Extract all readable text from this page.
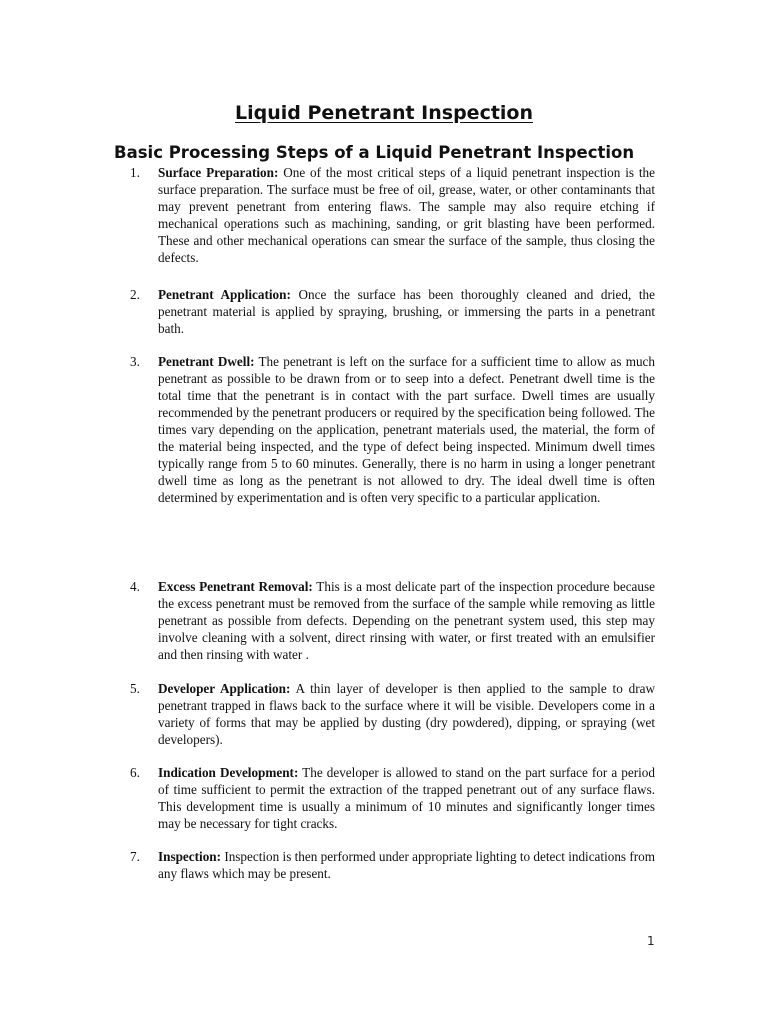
Liquid Penetrant Inspection
Basic Processing Steps of a Liquid Penetrant Inspection
1.	Surface Preparation: One of the most critical steps of a liquid penetrant inspection is the surface preparation. The surface must be free of oil, grease, water, or other contaminants that may prevent penetrant from entering flaws. The sample may also require etching if mechanical operations such as machining, sanding, or grit blasting have been performed. These and other mechanical operations can smear the surface of the sample, thus closing the defects.
2.	Penetrant Application: Once the surface has been thoroughly cleaned and dried, the penetrant material is applied by spraying, brushing, or immersing the parts in a penetrant bath.
3.	Penetrant Dwell: The penetrant is left on the surface for a sufficient time to allow as much penetrant as possible to be drawn from or to seep into a defect. Penetrant dwell time is the total time that the penetrant is in contact with the part surface. Dwell times are usually recommended by the penetrant producers or required by the specification being followed. The times vary depending on the application, penetrant materials used, the material, the form of the material being inspected, and the type of defect being inspected. Minimum dwell times typically range from 5 to 60 minutes. Generally, there is no harm in using a longer penetrant dwell time as long as the penetrant is not allowed to dry. The ideal dwell time is often determined by experimentation and is often very specific to a particular application.
4.	Excess Penetrant Removal: This is a most delicate part of the inspection procedure because the excess penetrant must be removed from the surface of the sample while removing as little penetrant as possible from defects. Depending on the penetrant system used, this step may involve cleaning with a solvent, direct rinsing with water, or first treated with an emulsifier and then rinsing with water .
5.	Developer Application: A thin layer of developer is then applied to the sample to draw penetrant trapped in flaws back to the surface where it will be visible. Developers come in a variety of forms that may be applied by dusting (dry powdered), dipping, or spraying (wet developers).
6.	Indication Development: The developer is allowed to stand on the part surface for a period of time sufficient to permit the extraction of the trapped penetrant out of any surface flaws. This development time is usually a minimum of 10 minutes and significantly longer times may be necessary for tight cracks.
7.	Inspection: Inspection is then performed under appropriate lighting to detect indications from any flaws which may be present.
1
